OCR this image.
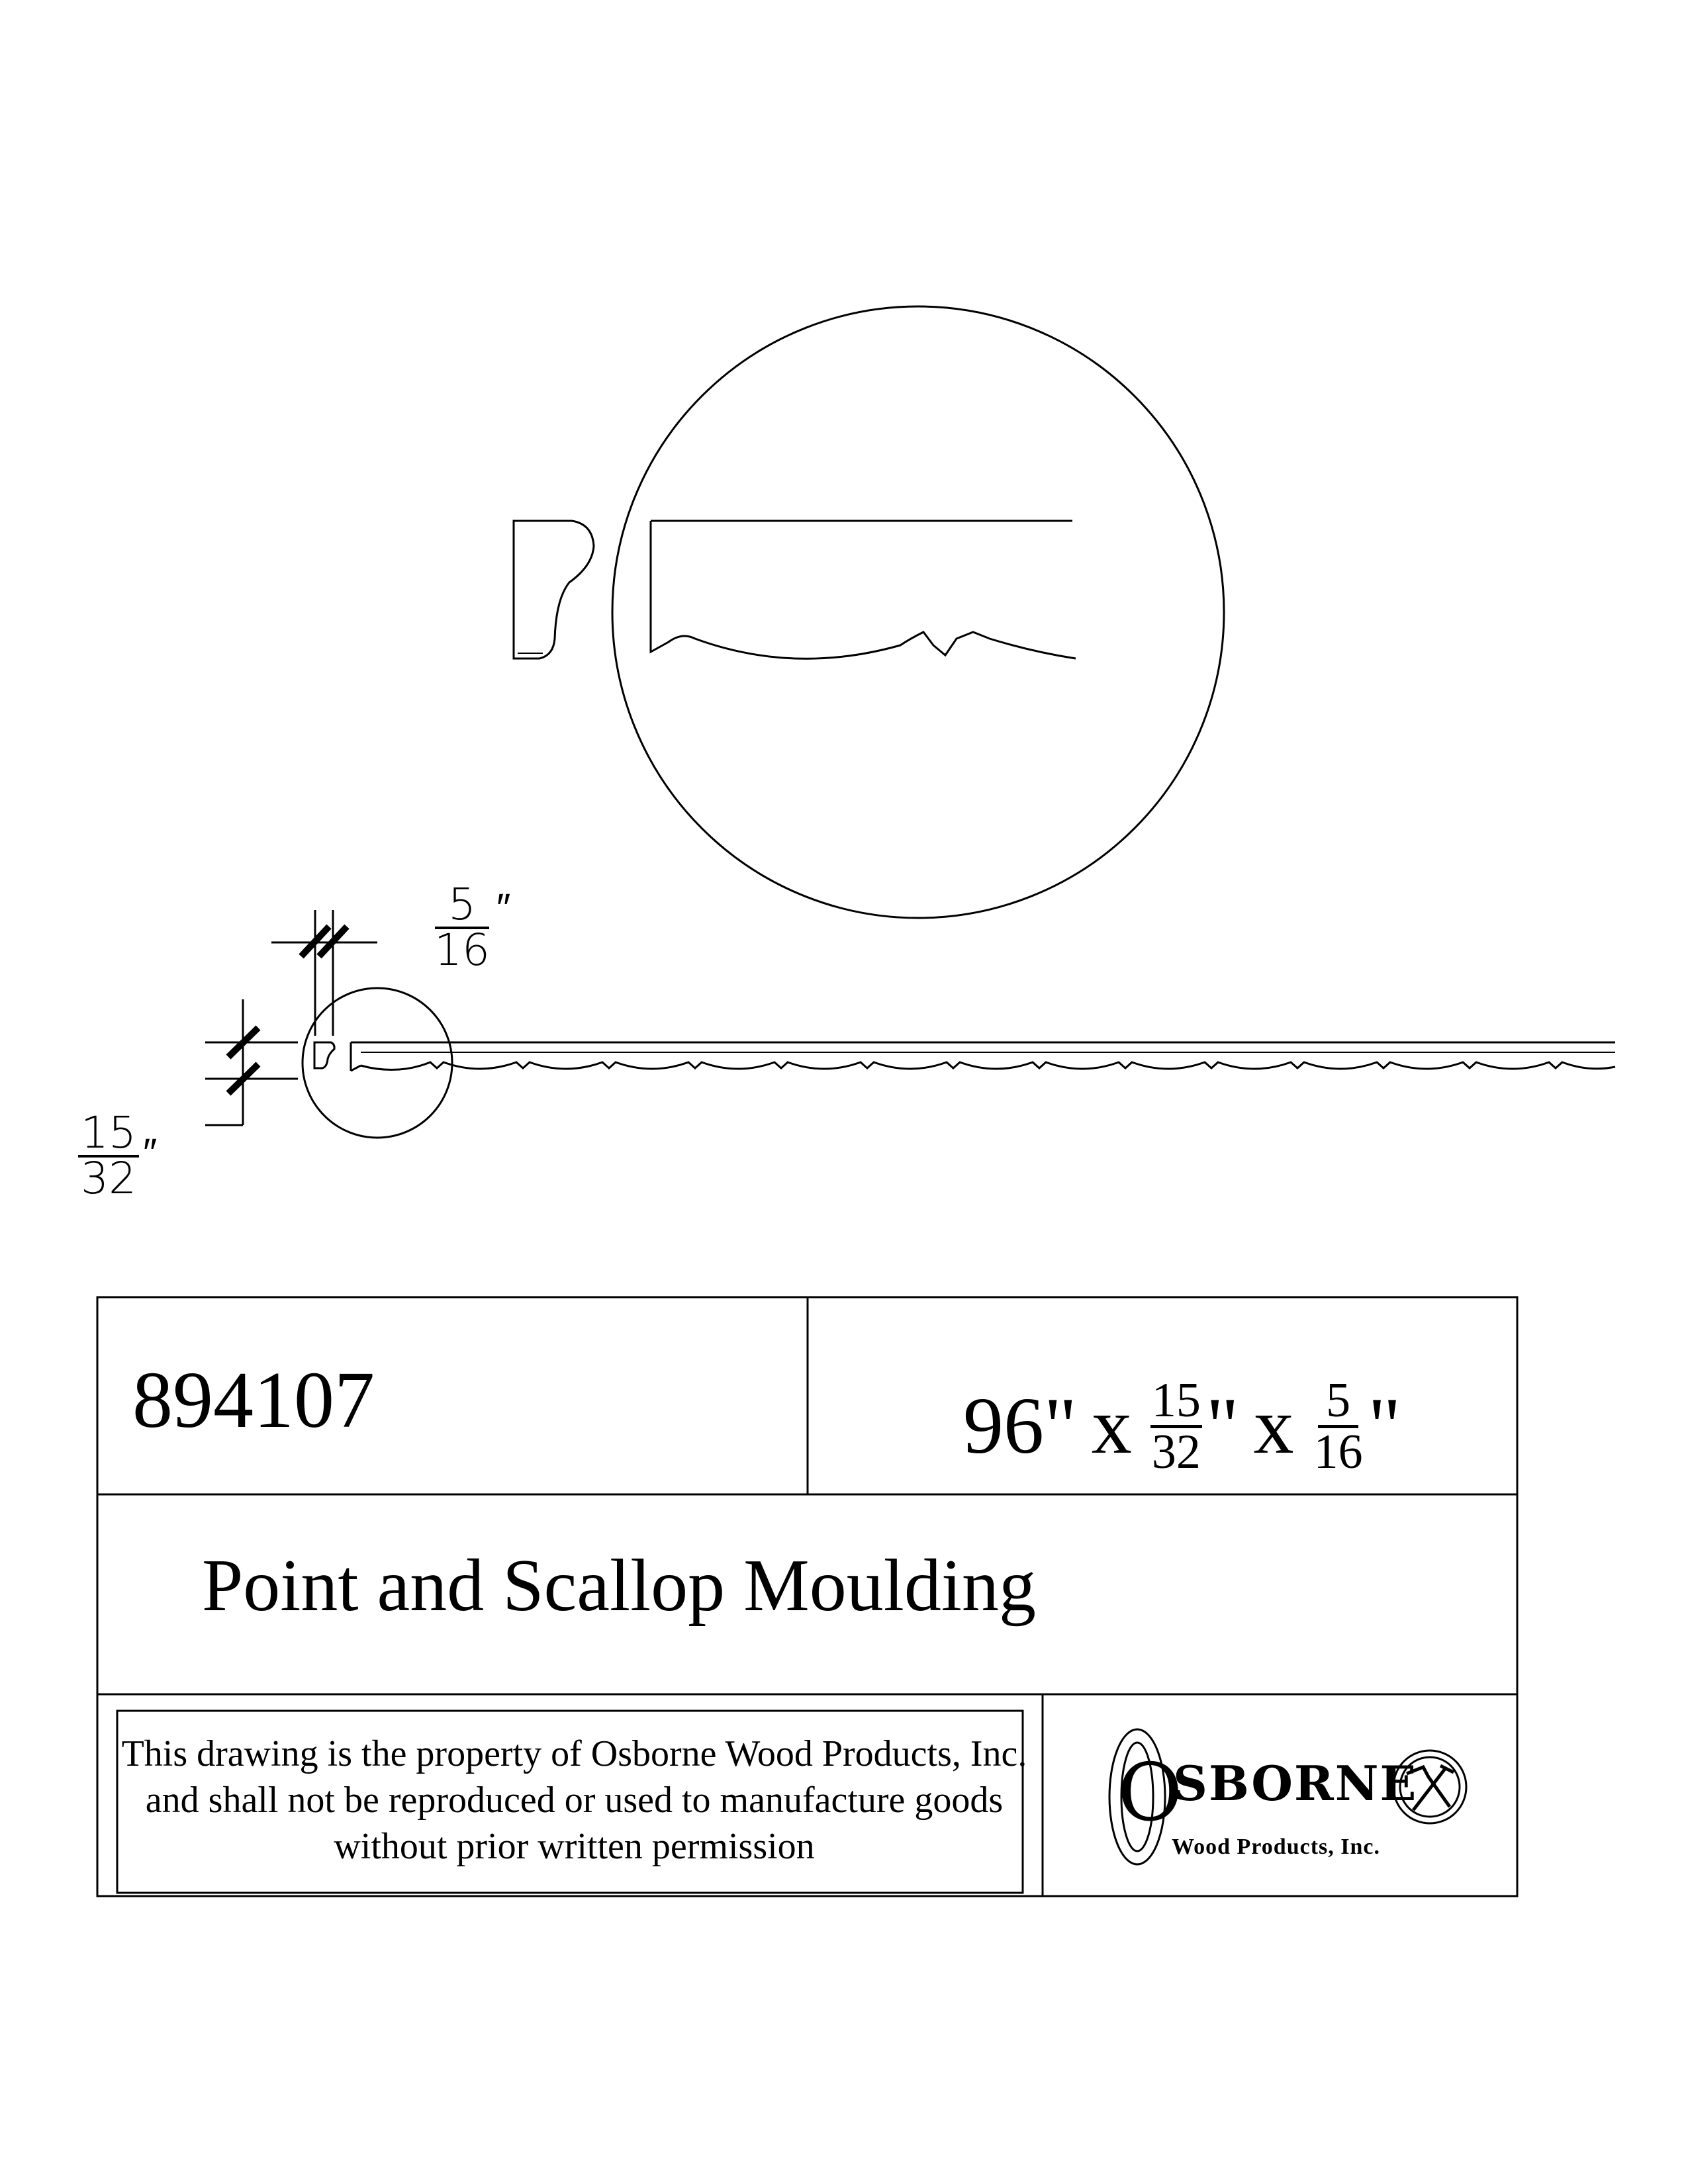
$\frac{5}{16}$ ″
$\frac{15}{32}$ ″
894107	96" x $\frac{15}{32}$ " x $\frac{5}{16}$ "
Point and Scallop Moulding
This drawing is the property of Osborne Wood Products, Inc. and shall not be reproduced or used to manufacture goods without prior written permission
O
SBORNE
Wood Products, Inc.
